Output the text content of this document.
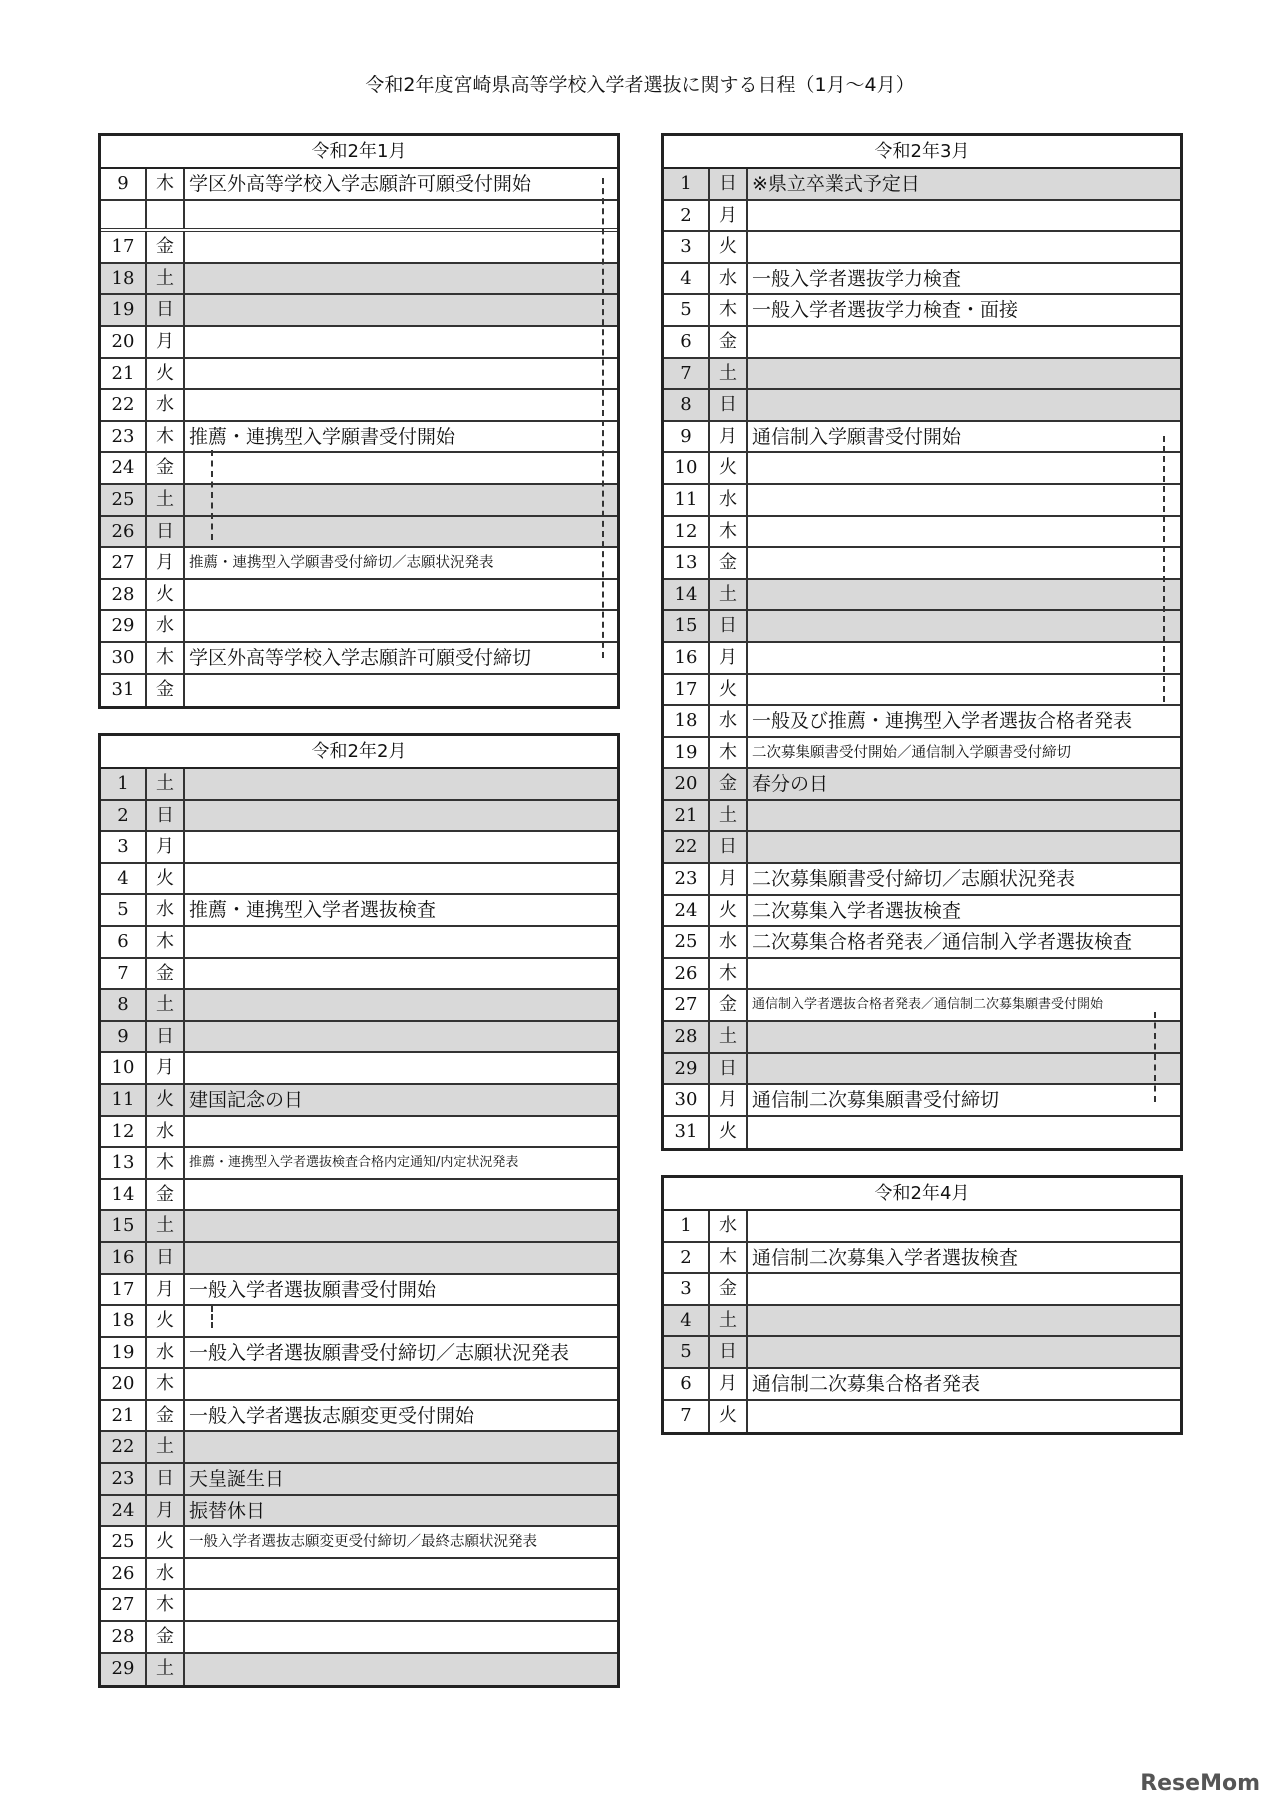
令和2年度宮崎県高等学校入学者選抜に関する日程（1月～4月）
令和2年1月
9	木 学区外高等学校入学志願許可願受付開始
17	金
18	土
19	日
20	月
21	火
22	水
23	木 推薦・連携型入学願書受付開始
24	金
25	土
26	日
27	月	推薦・連携型入学願書受付締切／志願状況発表
28	火
29	水
30	木 学区外高等学校入学志願許可願受付締切
31	金
令和2年2月
1	土
2	日
3	月
4	火
5	水 推薦・連携型入学者選抜検査
6	木
7	金
8	土
9	日
10	月
11	火 建国記念の日
12	水
13	木	推薦・連携型入学者選抜検査合格内定通知/内定状況発表
14	金
15	土
16	日
17	月 一般入学者選抜願書受付開始
18	火
19	水 一般入学者選抜願書受付締切／志願状況発表
20	木
21	金 一般入学者選抜志願変更受付開始
22	土
23	日 天皇誕生日
24	月 振替休日
25	火	一般入学者選抜志願変更受付締切／最終志願状況発表
26	水
27	木
28	金
29	土
令和2年3月
1	日 ※県立卒業式予定日
2	月
3	火
4	水 一般入学者選抜学力検査
5	木 一般入学者選抜学力検査・面接
6	金
7	土
8	日
9	月 通信制入学願書受付開始
10	火
11	水
12	木
13	金
14	土
15	日
16	月
17	火
18	水 一般及び推薦・連携型入学者選抜合格者発表
19	木	二次募集願書受付開始／通信制入学願書受付締切
20	金 春分の日
21	土
22	日
23	月 二次募集願書受付締切／志願状況発表
24	火 二次募集入学者選抜検査
25	水 二次募集合格者発表／通信制入学者選抜検査
26	木
27	金	通信制入学者選抜合格者発表／通信制二次募集願書受付開始
28	土
29	日
30	月 通信制二次募集願書受付締切
31	火
令和2年4月
1	水
2	木 通信制二次募集入学者選抜検査
3	金
4	土
5	日
6	月 通信制二次募集合格者発表
7	火
ReseMom
